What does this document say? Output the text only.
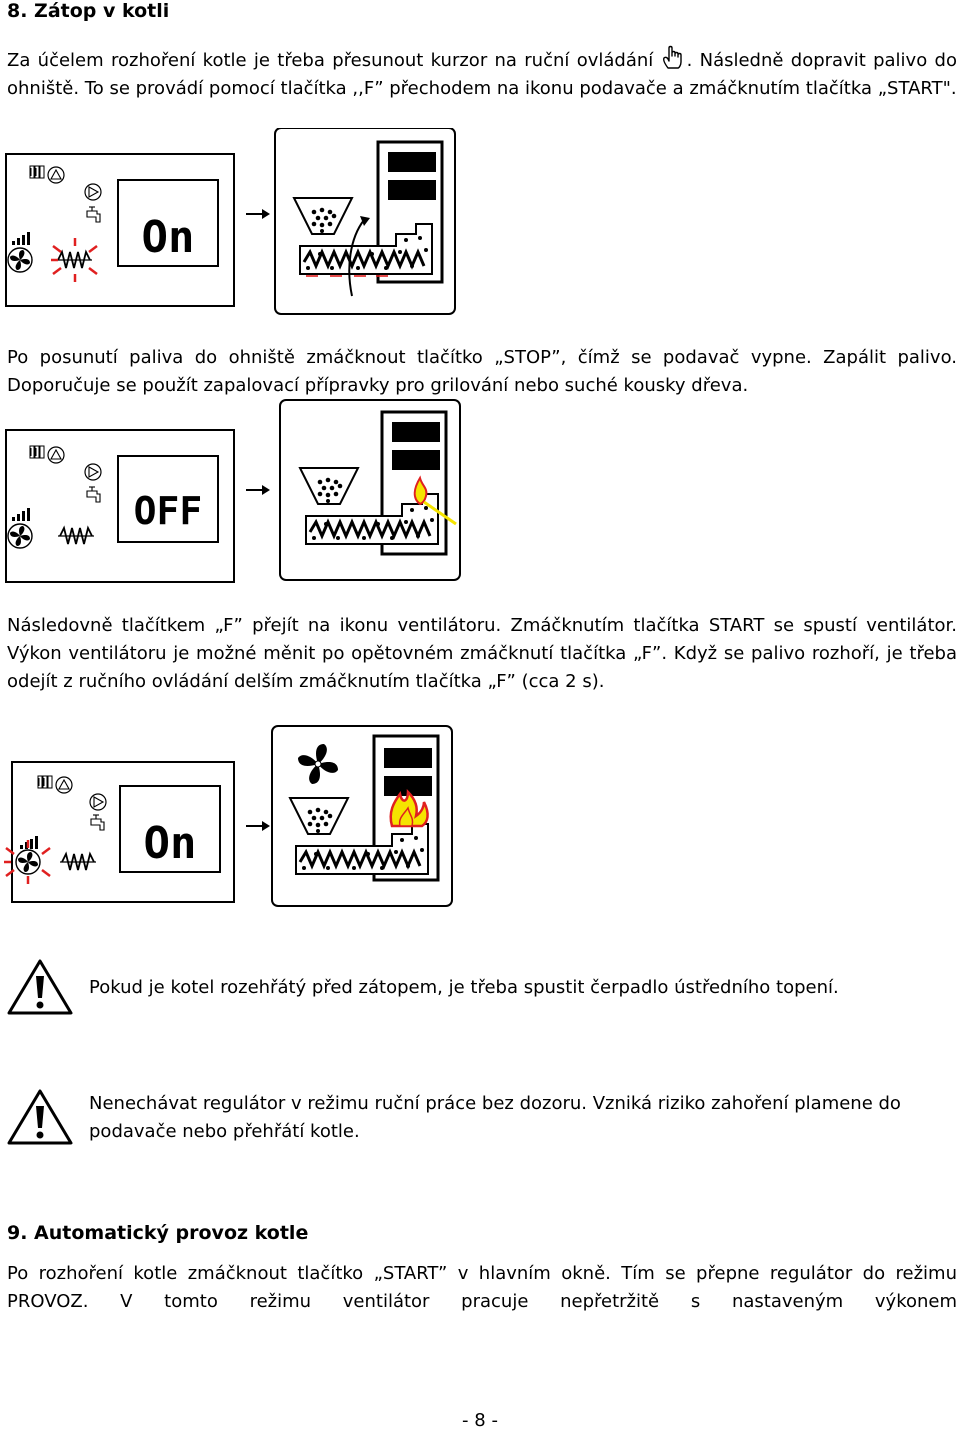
8. Zátop v kotli

Za účelem rozhoření kotle je třeba přesunout kurzor na ruční ovládání . Následně dopravit palivo do ohniště. To se provádí pomocí tlačítka ,,F” přechodem na ikonu podavače a zmáčknutím tlačítka „START".

On

Po posunutí paliva do ohniště zmáčknout tlačítko „STOP”, čímž se podavač vypne. Zapálit palivo. Doporučuje se použít zapalovací přípravky pro grilování nebo suché kousky dřeva.

OFF

Následovně tlačítkem „F” přejít na ikonu ventilátoru. Zmáčknutím tlačítka START se spustí ventilátor. Výkon ventilátoru je možné měnit po opětovném zmáčknutí tlačítka „F”. Když se palivo rozhoří, je třeba odejít z ručního ovládání delším zmáčknutím tlačítka „F” (cca 2 s).

On

Pokud je kotel rozehřátý před zátopem, je třeba spustit čerpadlo ústředního topení.

Nenechávat regulátor v režimu ruční práce bez dozoru. Vzniká riziko zahoření plamene do podavače nebo přehřátí kotle.

9. Automatický provoz kotle

Po rozhoření kotle zmáčknout tlačítko „START” v hlavním okně. Tím se přepne regulátor do režimu PROVOZ. V tomto režimu ventilátor pracuje nepřetržitě s nastaveným výkonem

- 8 -
